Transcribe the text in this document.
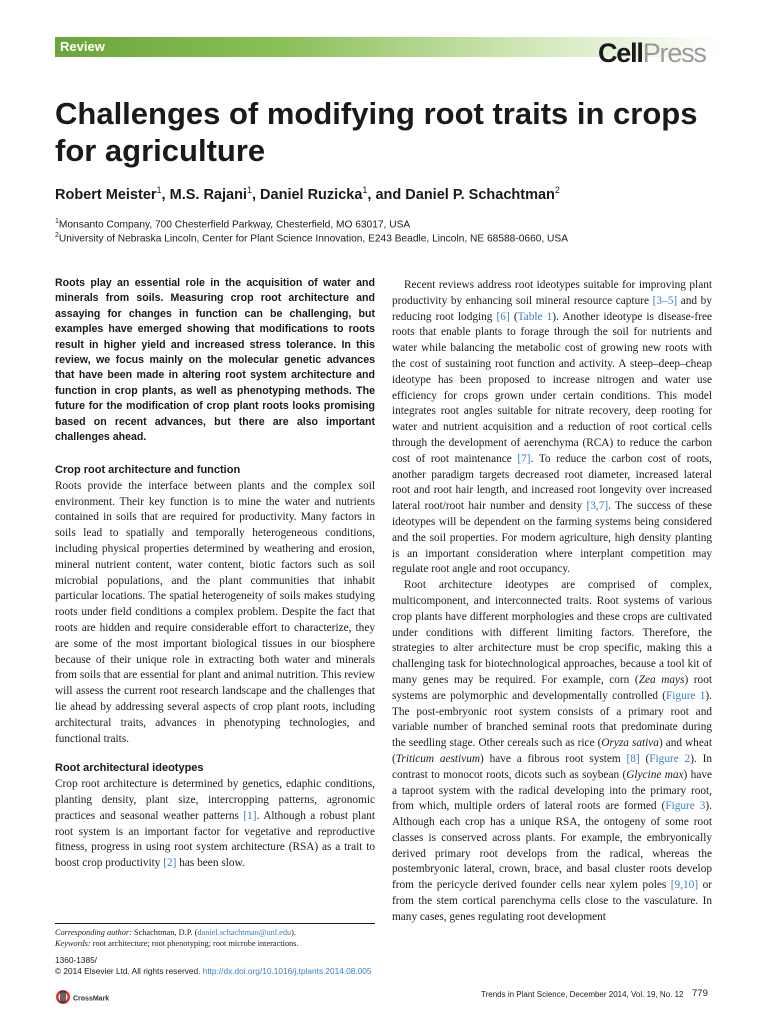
Review	CellPress
Challenges of modifying root traits in crops for agriculture
Robert Meister$^1$, M.S. Rajani$^1$, Daniel Ruzicka$^1$, and Daniel P. Schachtman$^2$
$^1$Monsanto Company, 700 Chesterfield Parkway, Chesterfield, MO 63017, USA
$^2$University of Nebraska Lincoln, Center for Plant Science Innovation, E243 Beadle, Lincoln, NE 68588-0660, USA
Roots play an essential role in the acquisition of water and minerals from soils. Measuring crop root architecture and assaying for changes in function can be challenging, but examples have emerged showing that modifications to roots result in higher yield and increased stress tolerance. In this review, we focus mainly on the molecular genetic advances that have been made in altering root system architecture and function in crop plants, as well as phenotyping methods. The future for the modification of crop plant roots looks promising based on recent advances, but there are also important challenges ahead.
Crop root architecture and function

Roots provide the interface between plants and the complex soil environment. Their key function is to mine the water and nutrients contained in soils that are required for productivity. Many factors in soils lead to spatially and temporally heterogeneous conditions, including physical properties determined by weathering and erosion, mineral nutrient content, water content, biotic factors such as soil microbial populations, and the plant communities that inhabit particular locations. The spatial heterogeneity of soils makes studying roots under field conditions a complex problem. Despite the fact that roots are hidden and require considerable effort to characterize, they are some of the most important biological tissues in our biosphere because of their unique role in extracting both water and minerals from soils that are essential for plant and animal nutrition. This review will assess the current root research landscape and the challenges that lie ahead by addressing several aspects of crop plant roots, including architectural traits, advances in phenotyping technologies, and functional traits.

Root architectural ideotypes

Crop root architecture is determined by genetics, edaphic conditions, planting density, plant size, intercropping patterns, agronomic practices and seasonal weather patterns [1]. Although a robust plant root system is an important factor for vegetative and reproductive fitness, progress in using root system architecture (RSA) as a trait to boost crop productivity [2] has been slow.

Corresponding author: Schachtman, D.P. (daniel.schachtman@unl.edu).
Keywords: root architecture; root phenotyping; root microbe interactions.
1360-1385/
© 2014 Elsevier Ltd. All rights reserved. http://dx.doi.org/10.1016/j.tplants.2014.08.005
CrossMark

Recent reviews address root ideotypes suitable for improving plant productivity by enhancing soil mineral resource capture [3–5] and by reducing root lodging [6] (Table 1). Another ideotype is disease-free roots that enable plants to forage through the soil for nutrients and water while balancing the metabolic cost of growing new roots with the cost of sustaining root function and activity. A steep–deep–cheap ideotype has been proposed to increase nitrogen and water use efficiency for crops grown under certain conditions. This model integrates root angles suitable for nitrate recovery, deep rooting for water and nutrient acquisition and a reduction of root cortical cells through the development of aerenchyma (RCA) to reduce the carbon cost of root maintenance [7]. To reduce the carbon cost of roots, another paradigm targets decreased root diameter, increased lateral root and root hair length, and increased root longevity over increased lateral root/root hair number and density [3,7]. The success of these ideotypes will be dependent on the farming systems being considered and the soil properties. For modern agriculture, high density planting is an important consideration where interplant competition may regulate root angle and root occupancy.

Root architecture ideotypes are comprised of complex, multicomponent, and interconnected traits. Root systems of various crop plants have different morphologies and these crops are cultivated under conditions with different limiting factors. Therefore, the strategies to alter architecture must be crop specific, making this a challenging task for biotechnological approaches, because a tool kit of many genes may be required. For example, corn (Zea mays) root systems are polymorphic and developmentally controlled (Figure 1). The post-embryonic root system consists of a primary root and variable number of branched seminal roots that predominate during the seedling stage. Other cereals such as rice (Oryza sativa) and wheat (Triticum aestivum) have a fibrous root system [8] (Figure 2). In contrast to monocot roots, dicots such as soybean (Glycine max) have a taproot system with the radical developing into the primary root, from which, multiple orders of lateral roots are formed (Figure 3). Although each crop has a unique RSA, the ontogeny of some root classes is conserved across plants. For example, the embryonically derived primary root develops from the radical, whereas the postembryonic lateral, crown, brace, and basal cluster roots develop from the pericycle derived founder cells near xylem poles [9,10] or from the stem cortical parenchyma cells close to the vasculature. In many cases, genes regulating root development

Trends in Plant Science, December 2014, Vol. 19, No. 12 779
